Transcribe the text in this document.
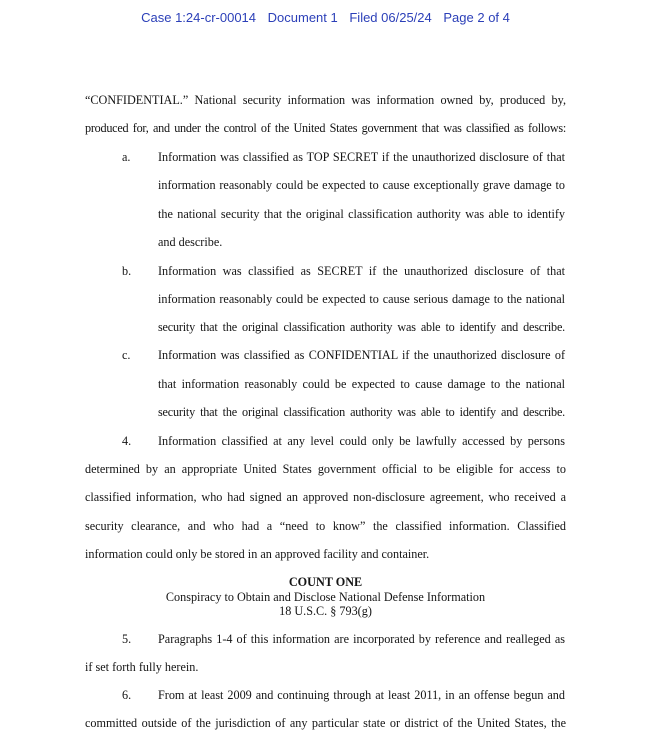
Case 1:24-cr-00014 Document 1 Filed 06/25/24 Page 2 of 4
“CONFIDENTIAL.” National security information was information owned by, produced by,
produced for, and under the control of the United States government that was classified as follows:
a. Information was classified as TOP SECRET if the unauthorized disclosure of that
information reasonably could be expected to cause exceptionally grave damage to
the national security that the original classification authority was able to identify
and describe.
b. Information was classified as SECRET if the unauthorized disclosure of that
information reasonably could be expected to cause serious damage to the national
security that the original classification authority was able to identify and describe.
c. Information was classified as CONFIDENTIAL if the unauthorized disclosure of
that information reasonably could be expected to cause damage to the national
security that the original classification authority was able to identify and describe.
4. Information classified at any level could only be lawfully accessed by persons
determined by an appropriate United States government official to be eligible for access to
classified information, who had signed an approved non-disclosure agreement, who received a
security clearance, and who had a “need to know” the classified information. Classified
information could only be stored in an approved facility and container.
COUNT ONE
Conspiracy to Obtain and Disclose National Defense Information
18 U.S.C. § 793(g)
5. Paragraphs 1-4 of this information are incorporated by reference and realleged as
if set forth fully herein.
6. From at least 2009 and continuing through at least 2011, in an offense begun and
committed outside of the jurisdiction of any particular state or district of the United States, the
